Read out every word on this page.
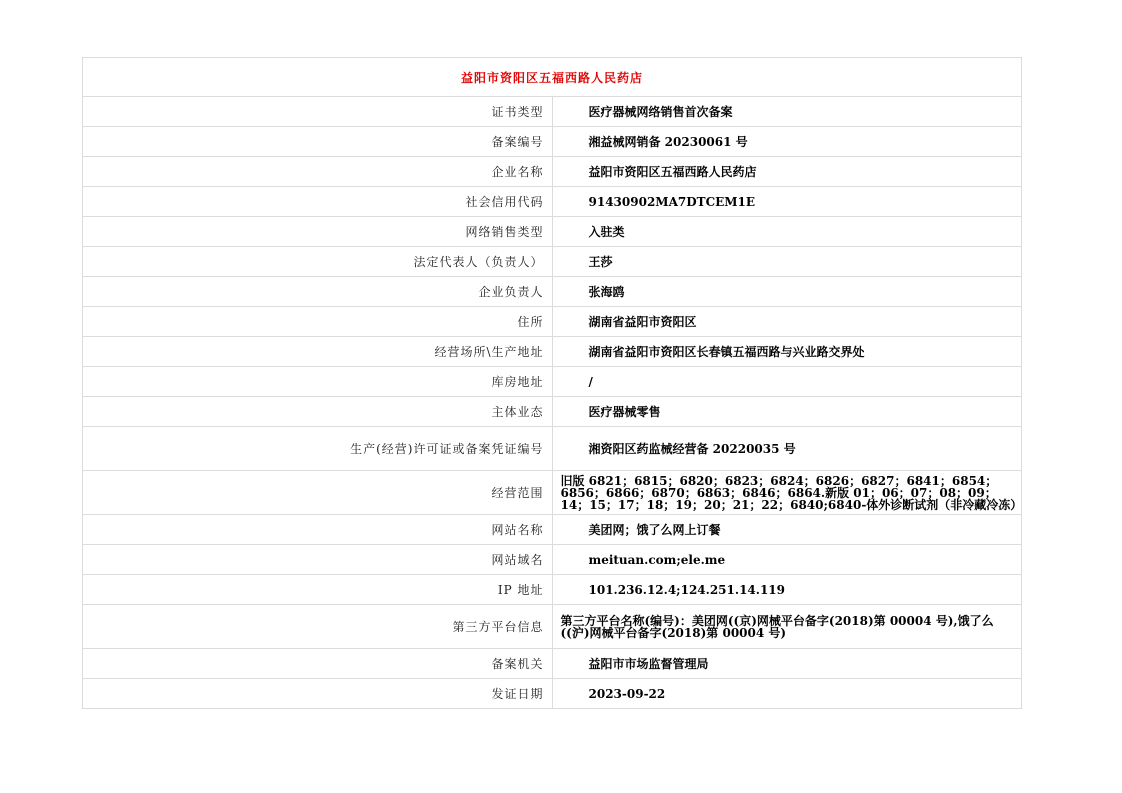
益阳市资阳区五福西路人民药店	
证书类型	医疗器械网络销售首次备案
备案编号	湘益械网销备 20230061 号
企业名称	益阳市资阳区五福西路人民药店
社会信用代码	91430902MA7DTCEM1E
网络销售类型	入驻类
法定代表人（负责人）	王莎
企业负责人	张海鸥
住所	湖南省益阳市资阳区
经营场所\生产地址	湖南省益阳市资阳区长春镇五福西路与兴业路交界处
库房地址	/
主体业态	医疗器械零售
生产(经营)许可证或备案凭证编号	湘资阳区药监械经营备 20220035 号
经营范围	旧版 6821；6815；6820；6823；6824；6826；6827；6841；6854；6856；6866；6870；6863；6846；6864.新版 01；06；07；08；09；14；15；17；18；19；20；21；22；6840;6840-体外诊断试剂（非冷藏冷冻）
网站名称	美团网；饿了么网上订餐
网站域名	meituan.com;ele.me
IP 地址	101.236.12.4;124.251.14.119
第三方平台信息	第三方平台名称(编号)：美团网((京)网械平台备字(2018)第 00004 号),饿了么((沪)网械平台备字(2018)第 00004 号)
备案机关	益阳市市场监督管理局
发证日期	2023-09-22
